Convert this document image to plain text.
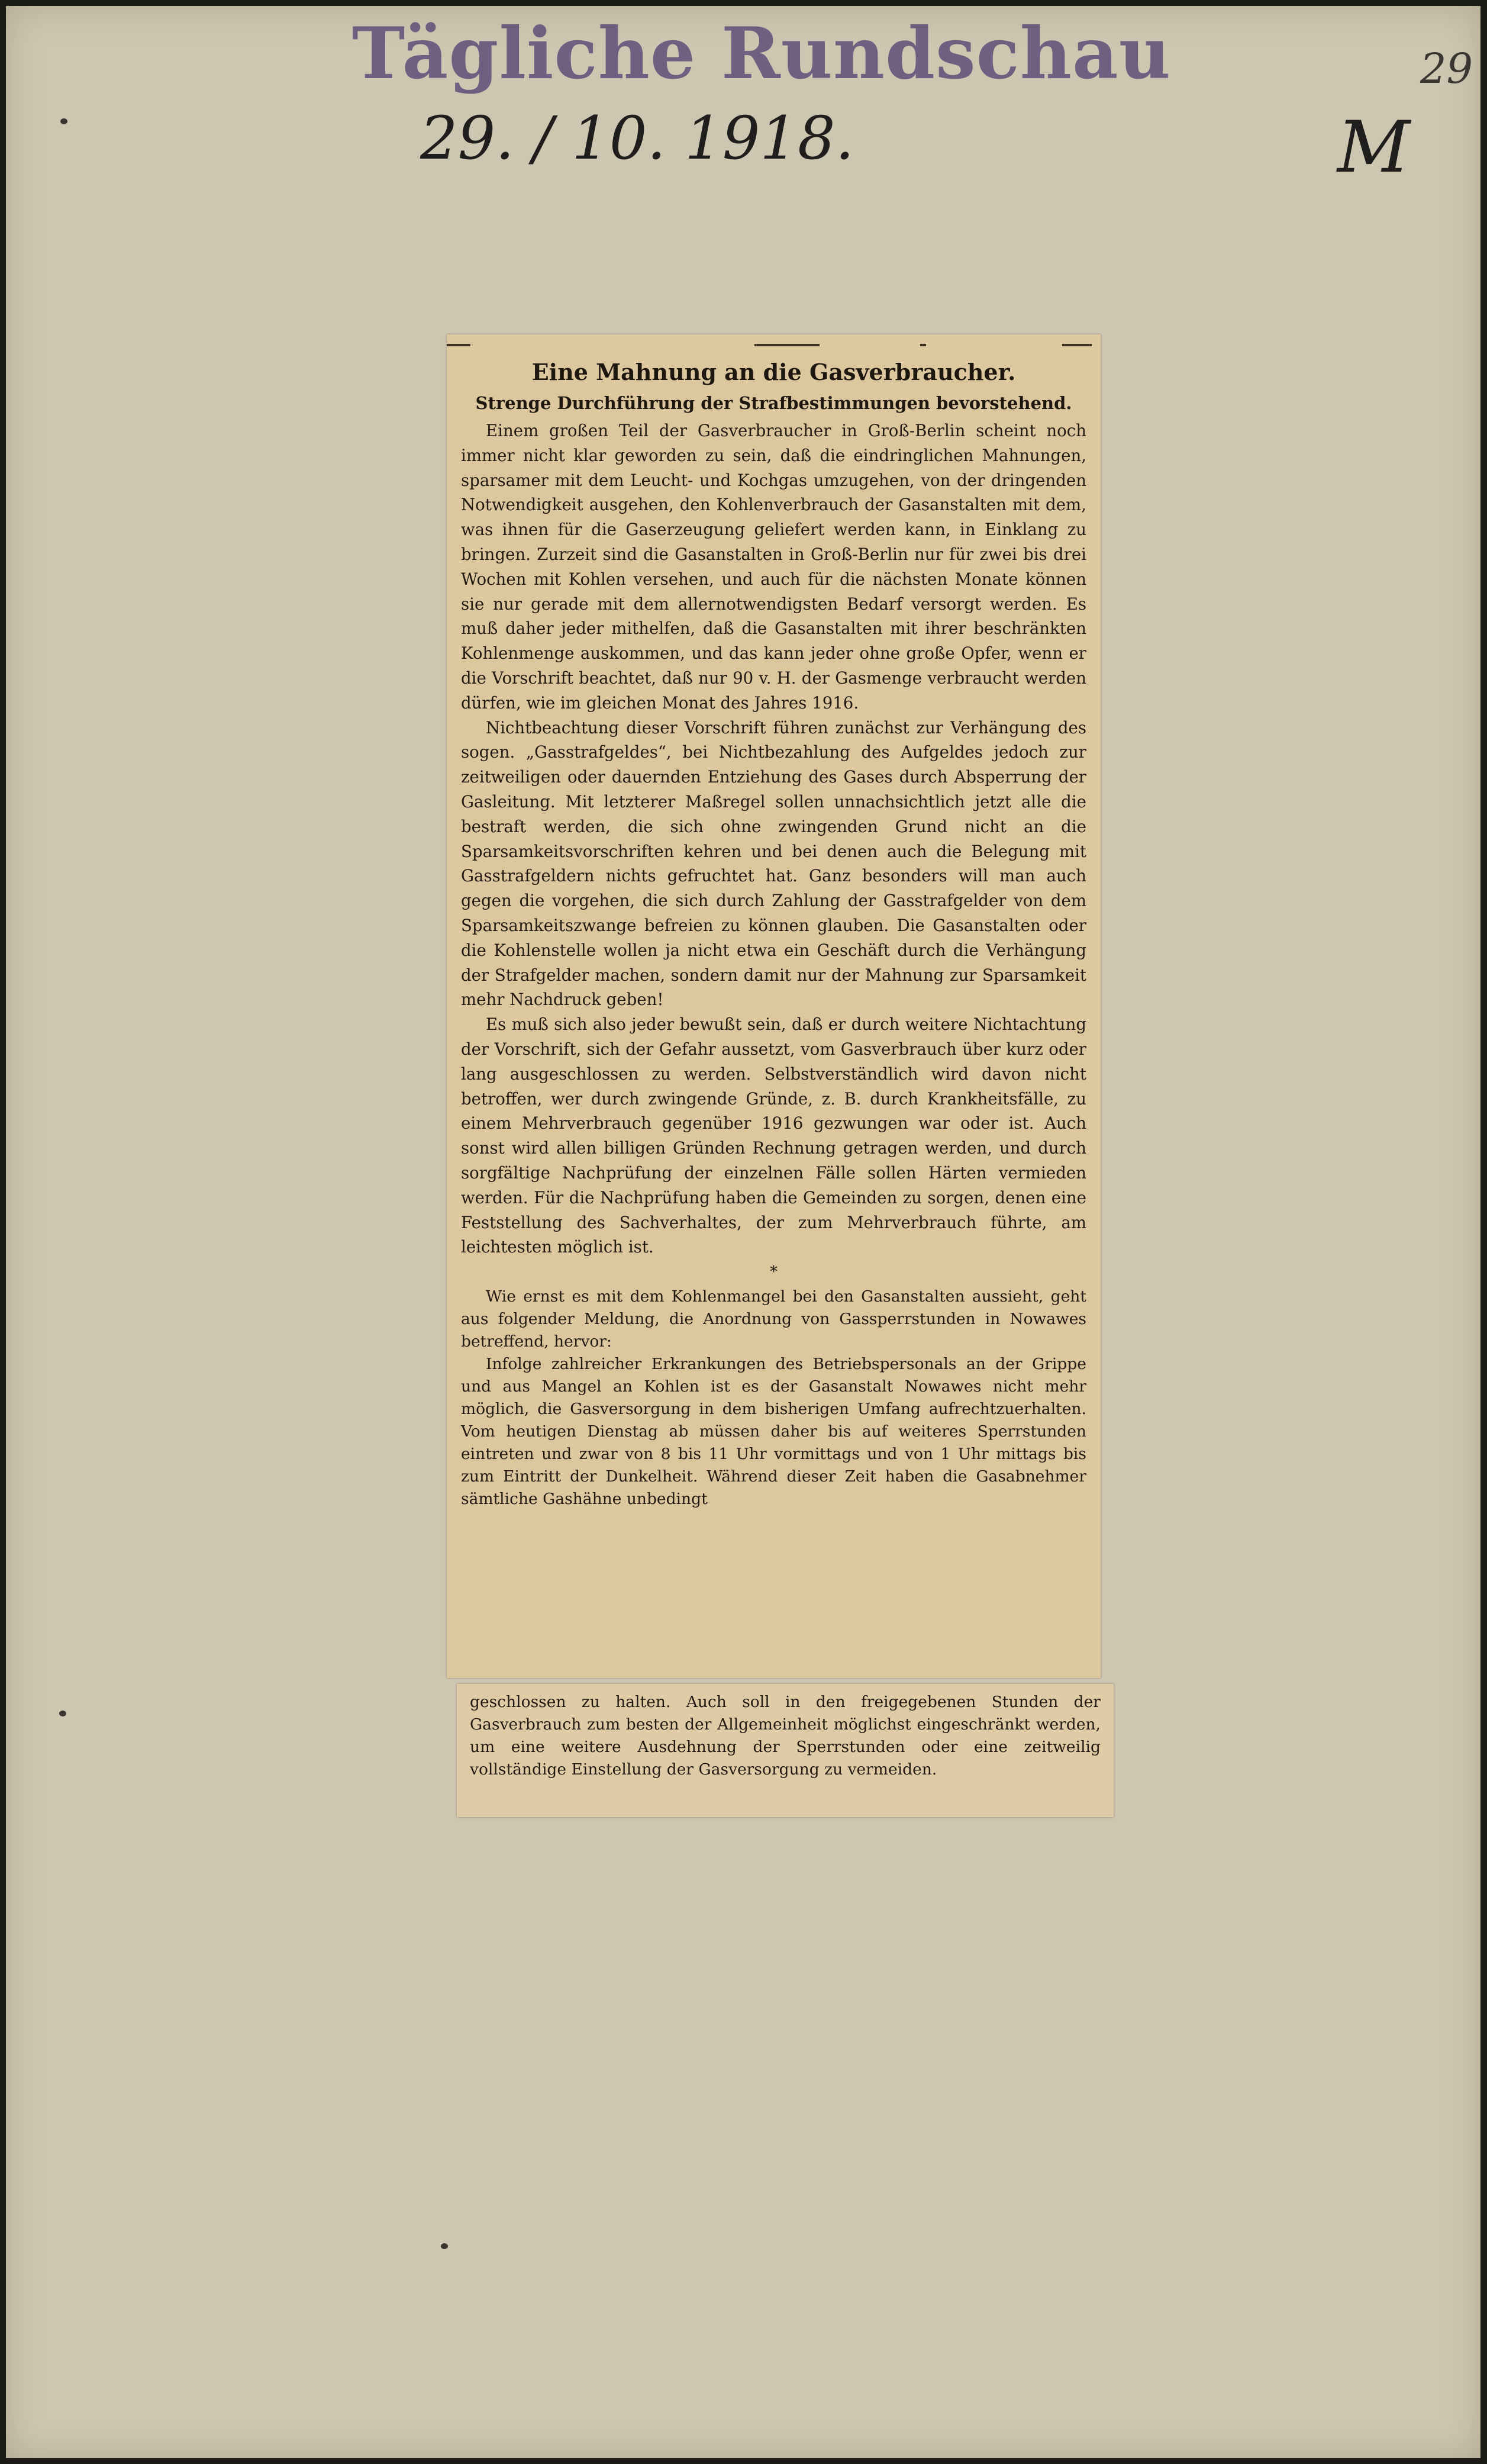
Tägliche Rundschau
29. / 10. 1918.	M
29
Eine Mahnung an die Gasverbraucher.
Strenge Durchführung der Strafbestimmungen bevorstehend.

Einem großen Teil der Gasverbraucher in Groß-Berlin scheint noch immer nicht klar geworden zu sein, daß die eindringlichen Mahnungen, sparsamer mit dem Leucht- und Kochgas umzugehen, von der dringenden Notwendigkeit ausgehen, den Kohlenverbrauch der Gasanstalten mit dem, was ihnen für die Gaserzeugung geliefert werden kann, in Einklang zu bringen. Zurzeit sind die Gasanstalten in Groß-Berlin nur für zwei bis drei Wochen mit Kohlen versehen, und auch für die nächsten Monate können sie nur gerade mit dem allernotwendigsten Bedarf versorgt werden. Es muß daher jeder mithelfen, daß die Gasanstalten mit ihrer beschränkten Kohlenmenge auskommen, und das kann jeder ohne große Opfer, wenn er die Vorschrift beachtet, daß nur 90 v. H. der Gasmenge verbraucht werden dürfen, wie im gleichen Monat des Jahres 1916.

Nichtbeachtung dieser Vorschrift führen zunächst zur Verhängung des sogen. „Gasstrafgeldes“, bei Nichtbezahlung des Aufgeldes jedoch zur zeitweiligen oder dauernden Entziehung des Gases durch Absperrung der Gasleitung. Mit letzterer Maßregel sollen unnachsichtlich jetzt alle die bestraft werden, die sich ohne zwingenden Grund nicht an die Sparsamkeitsvorschriften kehren und bei denen auch die Belegung mit Gasstrafgeldern nichts gefruchtet hat. Ganz besonders will man auch gegen die vorgehen, die sich durch Zahlung der Gasstrafgelder von dem Sparsamkeitszwange befreien zu können glauben. Die Gasanstalten oder die Kohlenstelle wollen ja nicht etwa ein Geschäft durch die Verhängung der Strafgelder machen, sondern damit nur der Mahnung zur Sparsamkeit mehr Nachdruck geben!

Es muß sich also jeder bewußt sein, daß er durch weitere Nichtachtung der Vorschrift, sich der Gefahr aussetzt, vom Gasverbrauch über kurz oder lang ausgeschlossen zu werden. Selbstverständlich wird davon nicht betroffen, wer durch zwingende Gründe, z. B. durch Krankheitsfälle, zu einem Mehrverbrauch gegenüber 1916 gezwungen war oder ist. Auch sonst wird allen billigen Gründen Rechnung getragen werden, und durch sorgfältige Nachprüfung der einzelnen Fälle sollen Härten vermieden werden. Für die Nachprüfung haben die Gemeinden zu sorgen, denen eine Feststellung des Sachverhaltes, der zum Mehrverbrauch führte, am leichtesten möglich ist.

*

Wie ernst es mit dem Kohlenmangel bei den Gasanstalten aussieht, geht aus folgender Meldung, die Anordnung von Gassperrstunden in Nowawes betreffend, hervor:

Infolge zahlreicher Erkrankungen des Betriebspersonals an der Grippe und aus Mangel an Kohlen ist es der Gasanstalt Nowawes nicht mehr möglich, die Gasversorgung in dem bisherigen Umfang aufrechtzuerhalten. Vom heutigen Dienstag ab müssen daher bis auf weiteres Sperrstunden eintreten und zwar von 8 bis 11 Uhr vormittags und von 1 Uhr mittags bis zum Eintritt der Dunkelheit. Während dieser Zeit haben die Gasabnehmer sämtliche Gashähne unbedingt

geschlossen zu halten. Auch soll in den freigegebenen Stunden der Gasverbrauch zum besten der Allgemeinheit möglichst eingeschränkt werden, um eine weitere Ausdehnung der Sperrstunden oder eine zeitweilig vollständige Einstellung der Gasversorgung zu vermeiden.
